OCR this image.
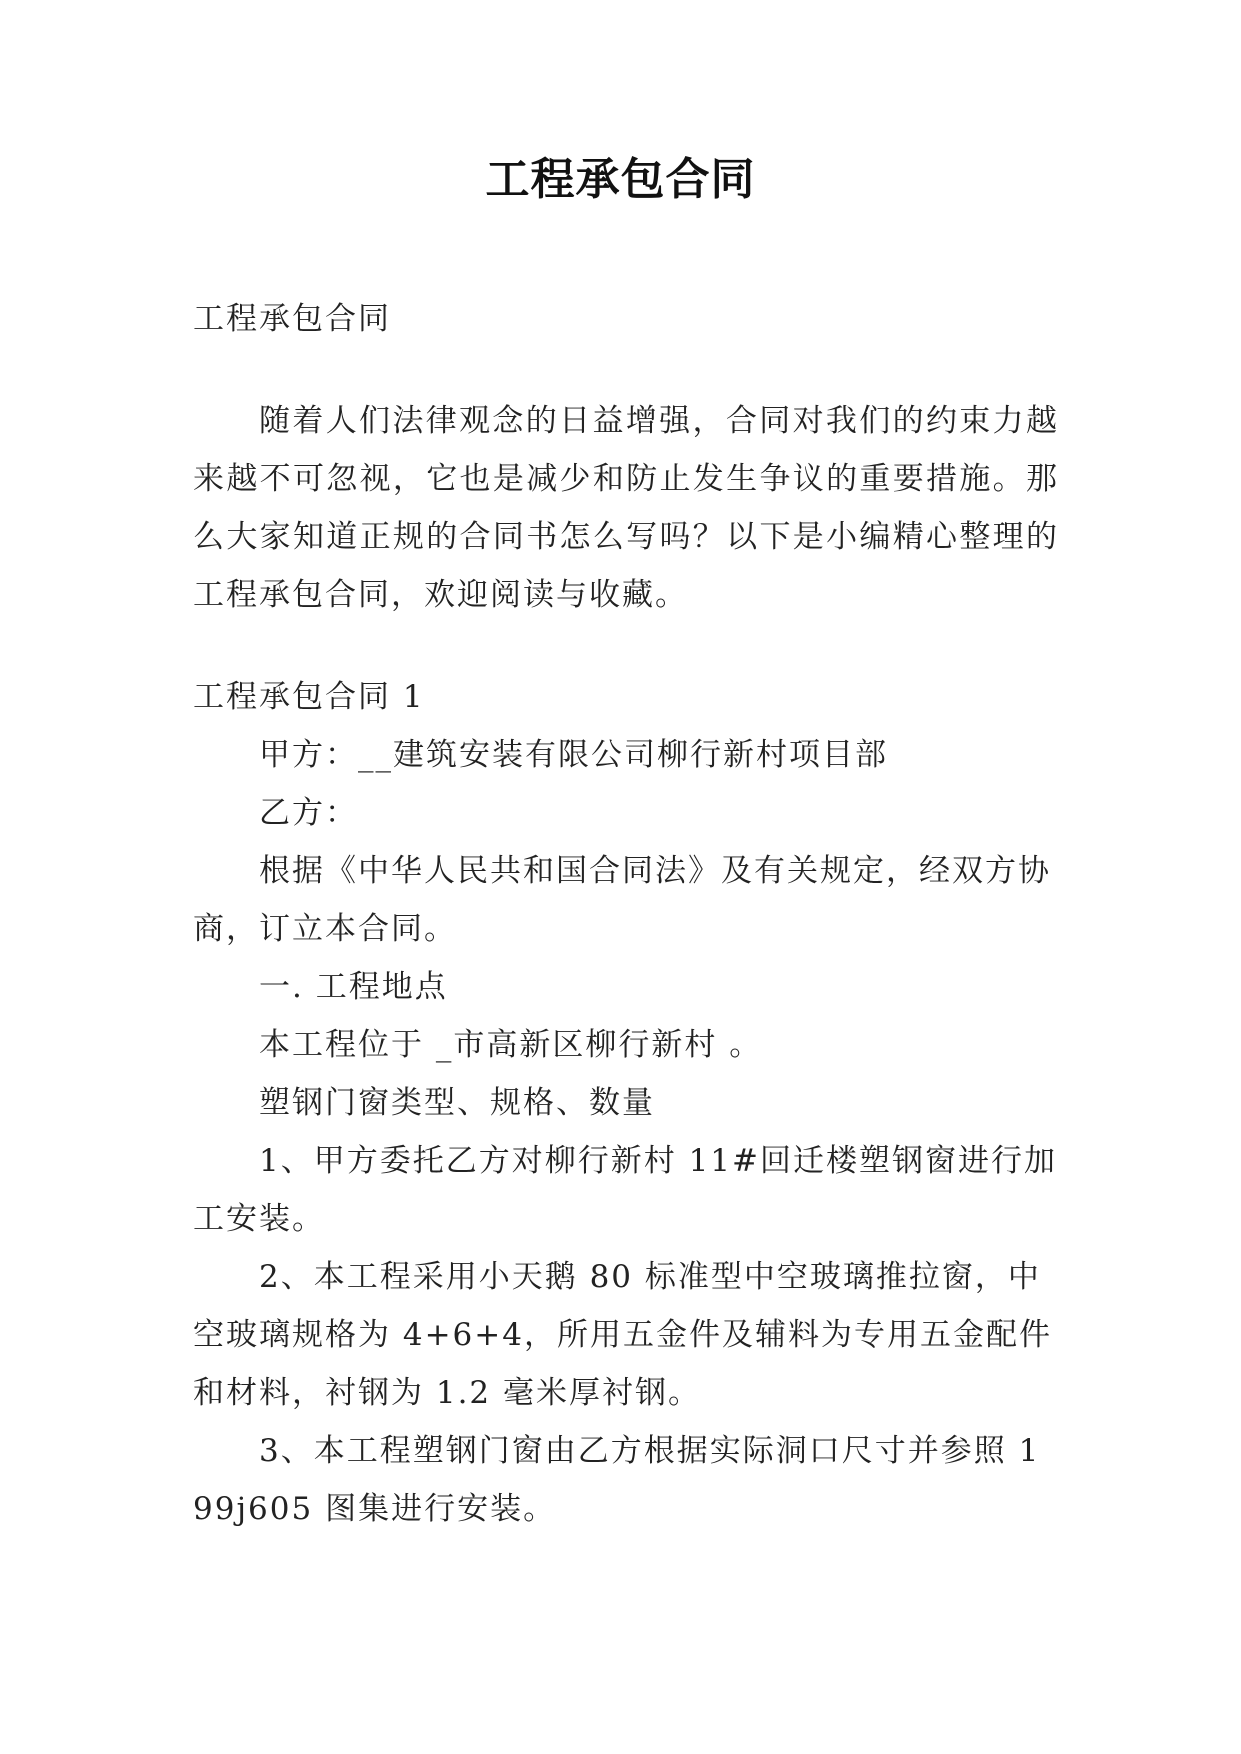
工程承包合同

工程承包合同

随着人们法律观念的日益增强，合同对我们的约束力越来越不可忽视，它也是减少和防止发生争议的重要措施。那么大家知道正规的合同书怎么写吗？以下是小编精心整理的工程承包合同，欢迎阅读与收藏。

工程承包合同 1

甲方：__建筑安装有限公司柳行新村项目部

乙方：

根据《中华人民共和国合同法》及有关规定，经双方协商，订立本合同。

一. 工程地点

本工程位于 _市高新区柳行新村 。

塑钢门窗类型、规格、数量

1、甲方委托乙方对柳行新村 11#回迁楼塑钢窗进行加工安装。

2、本工程采用小天鹅 80 标准型中空玻璃推拉窗，中空玻璃规格为 4+6+4，所用五金件及辅料为专用五金配件和材料，衬钢为 1.2 毫米厚衬钢。

3、本工程塑钢门窗由乙方根据实际洞口尺寸并参照 199j605 图集进行安装。
